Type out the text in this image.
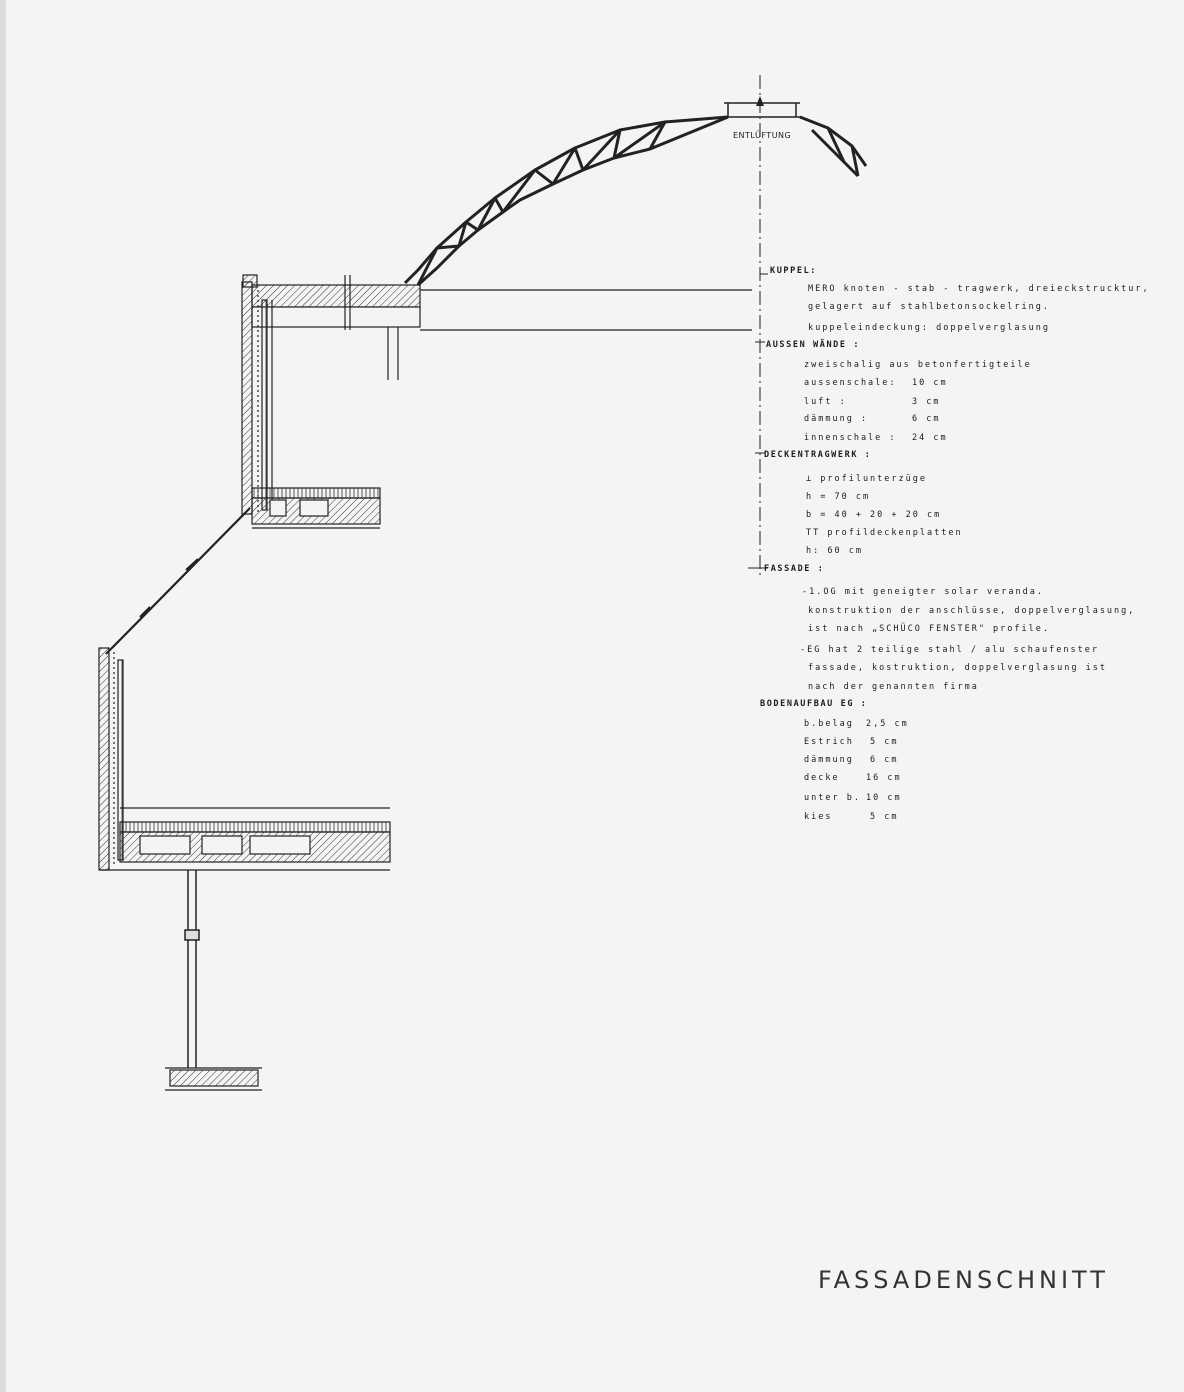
ENTLÜFTUNG
KUPPEL:
MERO knoten - stab - tragwerk, dreieckstrucktur,
gelagert auf stahlbetonsockelring.
kuppeleindeckung: doppelverglasung
AUSSEN WÄNDE :
zweischalig aus betonfertigteile
aussenschale: 10 cm
luft :	3 cm
dämmung :	6 cm
innenschale : 24 cm
DECKENTRAGWERK :
⊥ profilunterzüge
h = 70 cm
b = 40 + 20 + 20 cm
TT profildeckenplatten
h: 60 cm
FASSADE :
-1.OG mit geneigter solar veranda.
konstruktion der anschlüsse, doppelverglasung,
ist nach „SCHÜCO FENSTER" profile.
-EG hat 2 teilige stahl / alu schaufenster
fassade, kostruktion, doppelverglasung ist
nach der genannten firma
BODENAUFBAU EG :
b.belag 2,5 cm
Estrich 5 cm
dämmung 6 cm
decke	16 cm
unter b. 10 cm
kies	5 cm
FASSADENSCHNITT
